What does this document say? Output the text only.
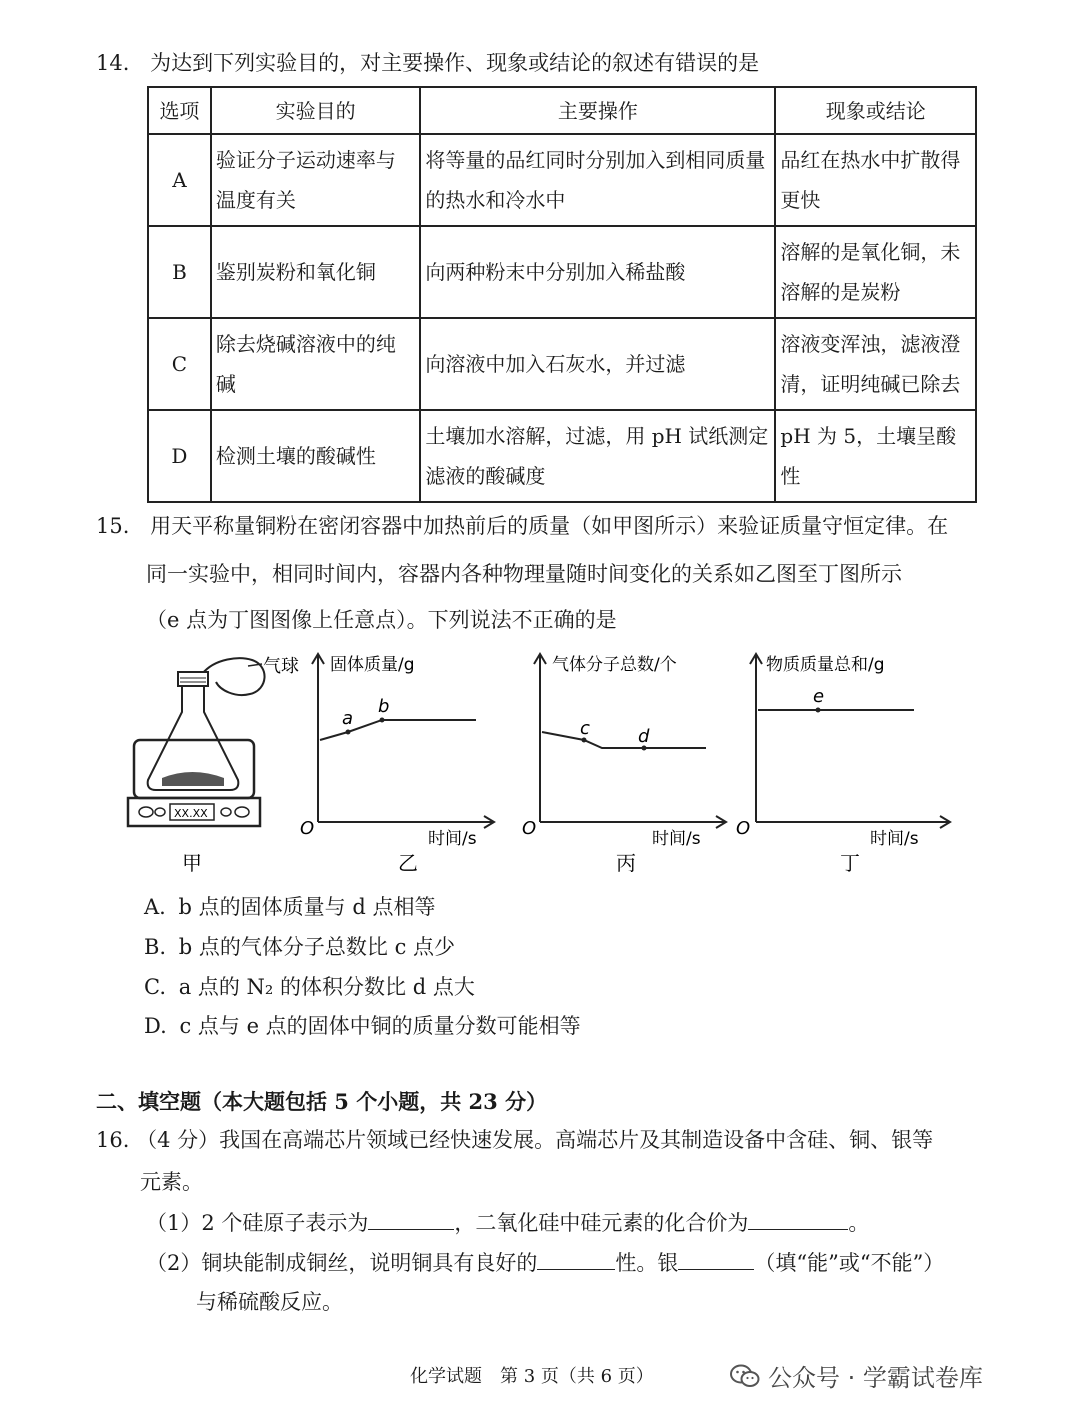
14. 为达到下列实验目的，对主要操作、现象或结论的叙述有错误的是
选项	实验目的	主要操作	现象或结论
A	验证分子运动速率与温度有关	将等量的品红同时分别加入到相同质量的热水和冷水中	品红在热水中扩散得更快
B	鉴别炭粉和氧化铜	向两种粉末中分别加入稀盐酸	溶解的是氧化铜，未溶解的是炭粉
C	除去烧碱溶液中的纯碱	向溶液中加入石灰水，并过滤	溶液变浑浊，滤液澄清，证明纯碱已除去
D	检测土壤的酸碱性	土壤加水溶解，过滤，用 pH 试纸测定滤液的酸碱度	pH 为 5，土壤呈酸性
15. 用天平称量铜粉在密闭容器中加热前后的质量（如甲图所示）来验证质量守恒定律。在
同一实验中，相同时间内，容器内各种物理量随时间变化的关系如乙图至丁图所示
（e 点为丁图图像上任意点）。下列说法不正确的是
气球
XX.XX
甲
a
b
固体质量/g
O	时间/s
乙
c	d
气体分子总数/个
O	时间/s
丙
e
物质质量总和/g
O	时间/s
丁
A. b 点的固体质量与 d 点相等
B. b 点的气体分子总数比 c 点少
C. a 点的 N₂ 的体积分数比 d 点大
D. c 点与 e 点的固体中铜的质量分数可能相等
二、填空题（本大题包括 5 个小题，共 23 分）
16. （4 分）我国在高端芯片领域已经快速发展。高端芯片及其制造设备中含硅、铜、银等
元素。
（1）2 个硅原子表示为	，二氧化硅中硅元素的化合价为	。
（2）铜块能制成铜丝，说明铜具有良好的	性。银	（填“能”或“不能”）
与稀硫酸反应。
化学试题　第 3 页（共 6 页）	公众号 · 学霸试卷库
